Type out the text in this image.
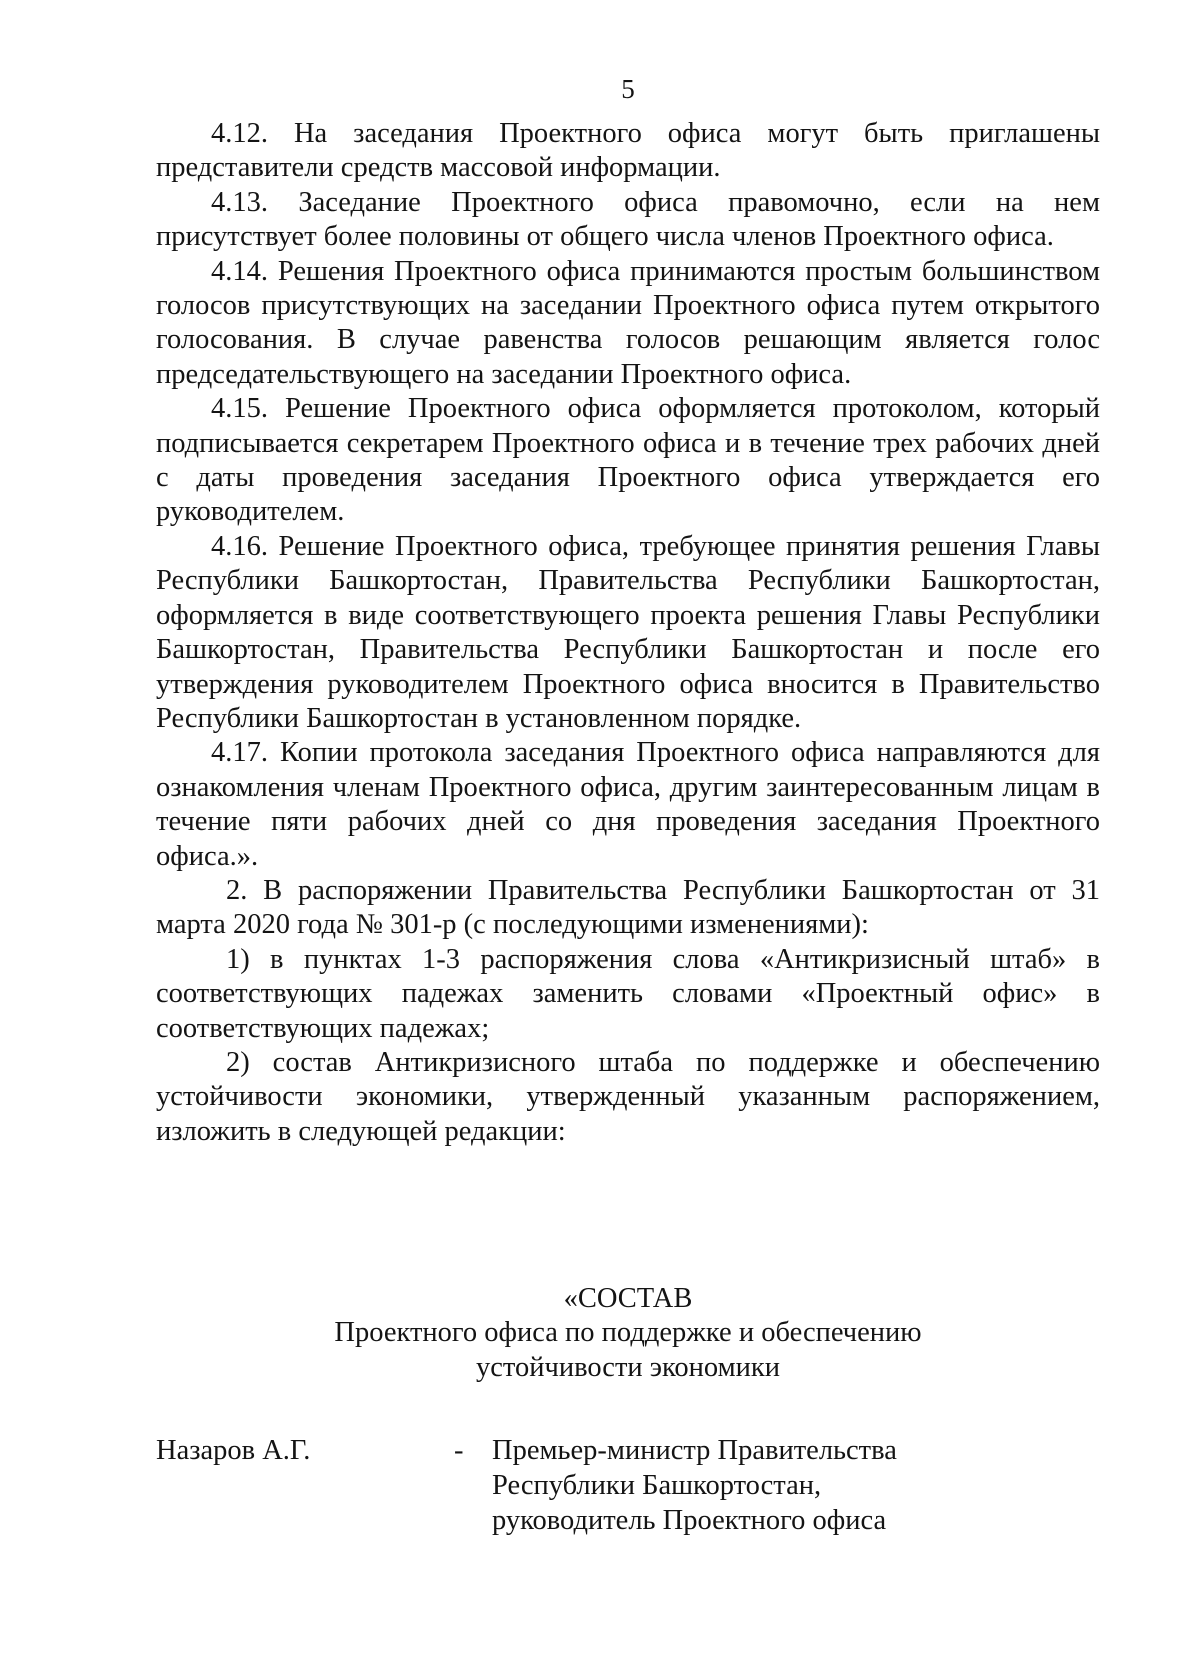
5

4.12. На заседания Проектного офиса могут быть приглашены представители средств массовой информации.

4.13. Заседание Проектного офиса правомочно, если на нем присутствует более половины от общего числа членов Проектного офиса.

4.14. Решения Проектного офиса принимаются простым большинством голосов присутствующих на заседании Проектного офиса путем открытого голосования. В случае равенства голосов решающим является голос председательствующего на заседании Проектного офиса.

4.15. Решение Проектного офиса оформляется протоколом, который подписывается секретарем Проектного офиса и в течение трех рабочих дней с даты проведения заседания Проектного офиса утверждается его руководителем.

4.16. Решение Проектного офиса, требующее принятия решения Главы Республики Башкортостан, Правительства Республики Башкортостан, оформляется в виде соответствующего проекта решения Главы Республики Башкортостан, Правительства Республики Башкортостан и после его утверждения руководителем Проектного офиса вносится в Правительство Республики Башкортостан в установленном порядке.

4.17. Копии протокола заседания Проектного офиса направляются для ознакомления членам Проектного офиса, другим заинтересованным лицам в течение пяти рабочих дней со дня проведения заседания Проектного офиса.».

2. В распоряжении Правительства Республики Башкортостан от 31 марта 2020 года № 301-р (с последующими изменениями):

1) в пунктах 1-3 распоряжения слова «Антикризисный штаб» в соответствующих падежах заменить словами «Проектный офис» в соответствующих падежах;

2) состав Антикризисного штаба по поддержке и обеспечению устойчивости экономики, утвержденный указанным распоряжением, изложить в следующей редакции:

«СОСТАВ
Проектного офиса по поддержке и обеспечению
устойчивости экономики
Назаров А.Г.	- Премьер-министр Правительства
Республики Башкортостан,
руководитель Проектного офиса
